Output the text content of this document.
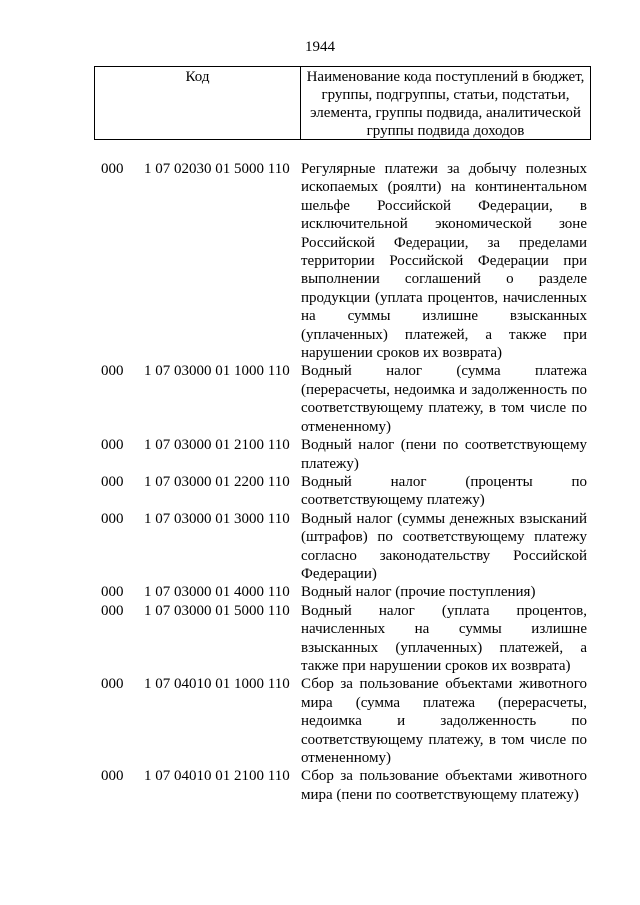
1944
Код	Наименование кода поступлений в бюджет, группы, подгруппы, статьи, подстатьи, элемента, группы подвида, аналитической группы подвида доходов
000	1 07 02030 01 5000 110 Регулярные платежи за добычу полезных ископаемых (роялти) на континентальном шельфе Российской Федерации, в исключительной экономической зоне Российской Федерации, за пределами территории Российской Федерации при выполнении соглашений о разделе продукции (уплата процентов, начисленных на суммы излишне взысканных (уплаченных) платежей, а также при нарушении сроков их возврата)
000	1 07 03000 01 1000 110 Водный налог (сумма платежа (перерасчеты, недоимка и задолженность по соответствующему платежу, в том числе по отмененному)
000	1 07 03000 01 2100 110 Водный налог (пени по соответствующему платежу)
000	1 07 03000 01 2200 110 Водный налог (проценты по соответствующему платежу)
000	1 07 03000 01 3000 110 Водный налог (суммы денежных взысканий (штрафов) по соответствующему платежу согласно законодательству Российской Федерации)
000	1 07 03000 01 4000 110 Водный налог (прочие поступления)
000	1 07 03000 01 5000 110 Водный налог (уплата процентов, начисленных на суммы излишне взысканных (уплаченных) платежей, а также при нарушении сроков их возврата)
000	1 07 04010 01 1000 110 Сбор за пользование объектами животного мира (сумма платежа (перерасчеты, недоимка и задолженность по соответствующему платежу, в том числе по отмененному)
000	1 07 04010 01 2100 110 Сбор за пользование объектами животного мира (пени по соответствующему платежу)
